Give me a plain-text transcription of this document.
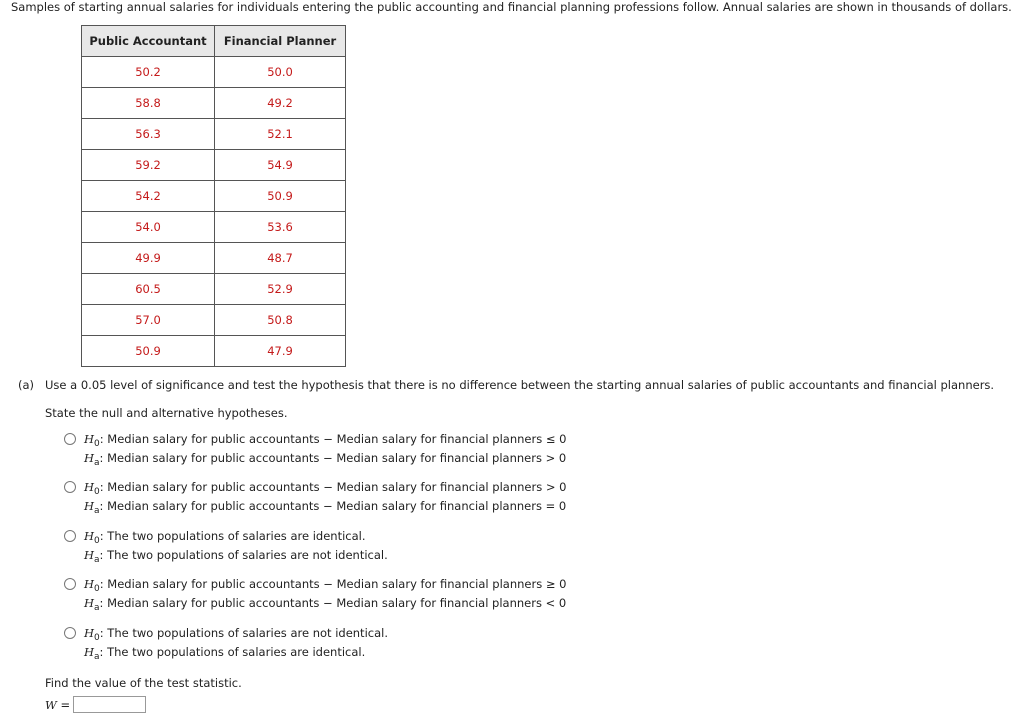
Samples of starting annual salaries for individuals entering the public accounting and financial planning professions follow. Annual salaries are shown in thousands of dollars.
Public Accountant	Financial Planner
50.2	50.0
58.8	49.2
56.3	52.1
59.2	54.9
54.2	50.9
54.0	53.6
49.9	48.7
60.5	52.9
57.0	50.8
50.9	47.9
(a) Use a 0.05 level of significance and test the hypothesis that there is no difference between the starting annual salaries of public accountants and financial planners.
State the null and alternative hypotheses.
$H_0$: Median salary for public accountants − Median salary for financial planners ≤ 0
$H_a$: Median salary for public accountants − Median salary for financial planners > 0
$H_0$: Median salary for public accountants − Median salary for financial planners > 0
$H_a$: Median salary for public accountants − Median salary for financial planners = 0
$H_0$: The two populations of salaries are identical.
$H_a$: The two populations of salaries are not identical.
$H_0$: Median salary for public accountants − Median salary for financial planners ≥ 0
$H_a$: Median salary for public accountants − Median salary for financial planners < 0
$H_0$: The two populations of salaries are not identical.
$H_a$: The two populations of salaries are identical.
Find the value of the test statistic.
W =
